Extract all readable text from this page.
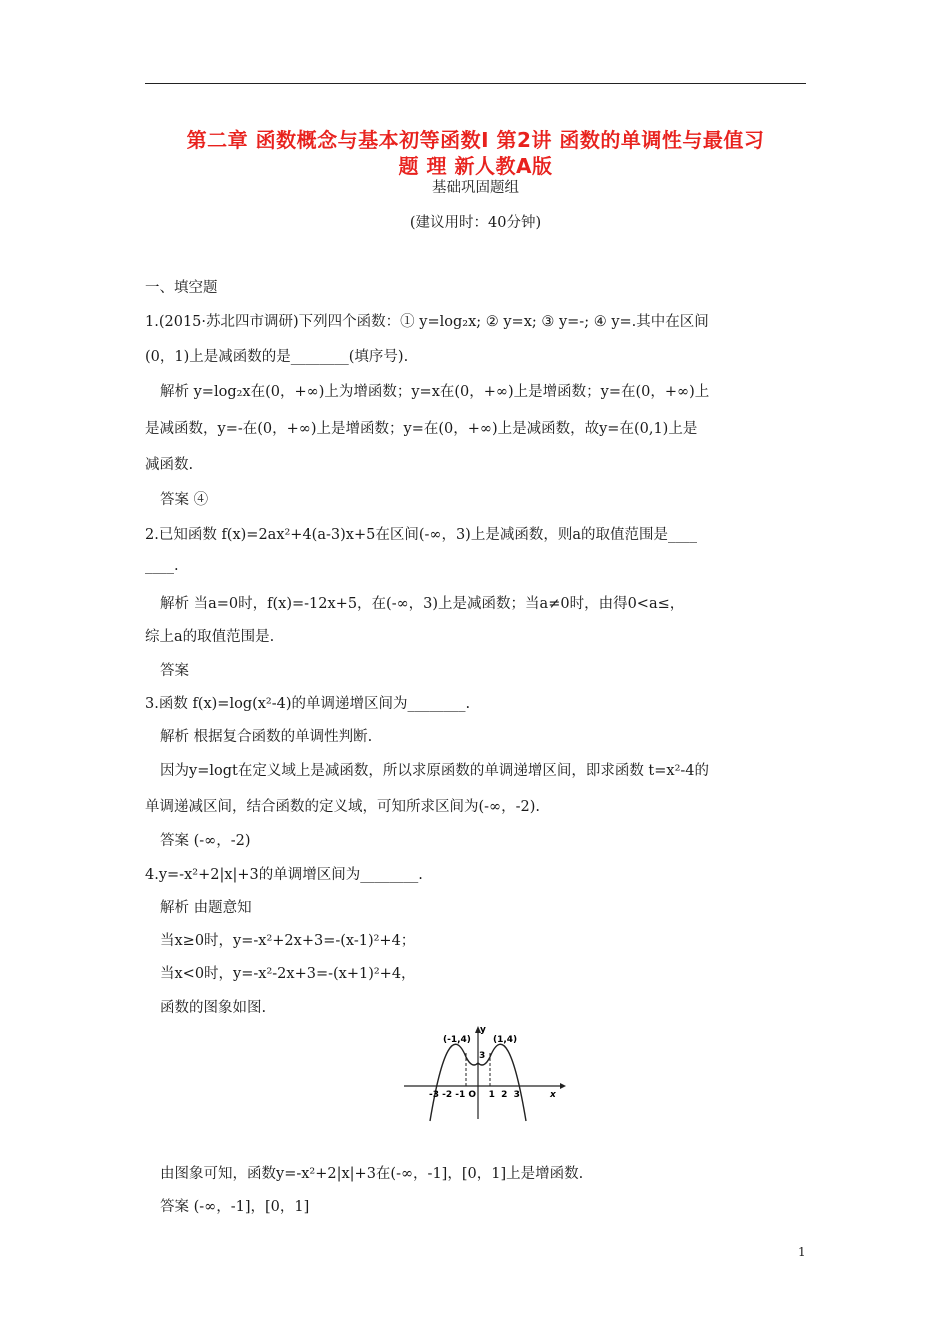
第二章 函数概念与基本初等函数Ⅰ 第2讲 函数的单调性与最值习
题 理 新人教A版
基础巩固题组
(建议用时：40分钟)
一、填空题
1.(2015·苏北四市调研)下列四个函数：① y=log₂x; ② y=x; ③ y=-; ④ y=.其中在区间
(0，1)上是减函数的是________(填序号).
解析 y=log₂x在(0，+∞)上为增函数；y=x在(0，+∞)上是增函数；y=在(0，+∞)上
是减函数，y=-在(0，+∞)上是增函数；y=在(0，+∞)上是减函数，故y=在(0,1)上是
减函数.
答案 ④
2.已知函数 f(x)=2ax²+4(a-3)x+5在区间(-∞，3)上是减函数，则a的取值范围是____
____.
解析 当a=0时，f(x)=-12x+5，在(-∞，3)上是减函数；当a≠0时，由得0<a≤，
综上a的取值范围是.
答案
3.函数 f(x)=log(x²-4)的单调递增区间为________.
解析 根据复合函数的单调性判断.
因为y=logt在定义域上是减函数，所以求原函数的单调递增区间，即求函数 t=x²-4的
单调递减区间，结合函数的定义域，可知所求区间为(-∞，-2).
答案 (-∞，-2)
4.y=-x²+2|x|+3的单调增区间为________.
解析 由题意知
当x≥0时，y=-x²+2x+3=-(x-1)²+4；
当x<0时，y=-x²-2x+3=-(x+1)²+4，
函数的图象如图.
(-1,4) (1,4)
y
3
x
-3 -2 -1 O    1  2  3
由图象可知，函数y=-x²+2|x|+3在(-∞，-1]，[0，1]上是增函数.
答案 (-∞，-1]，[0，1]
1
